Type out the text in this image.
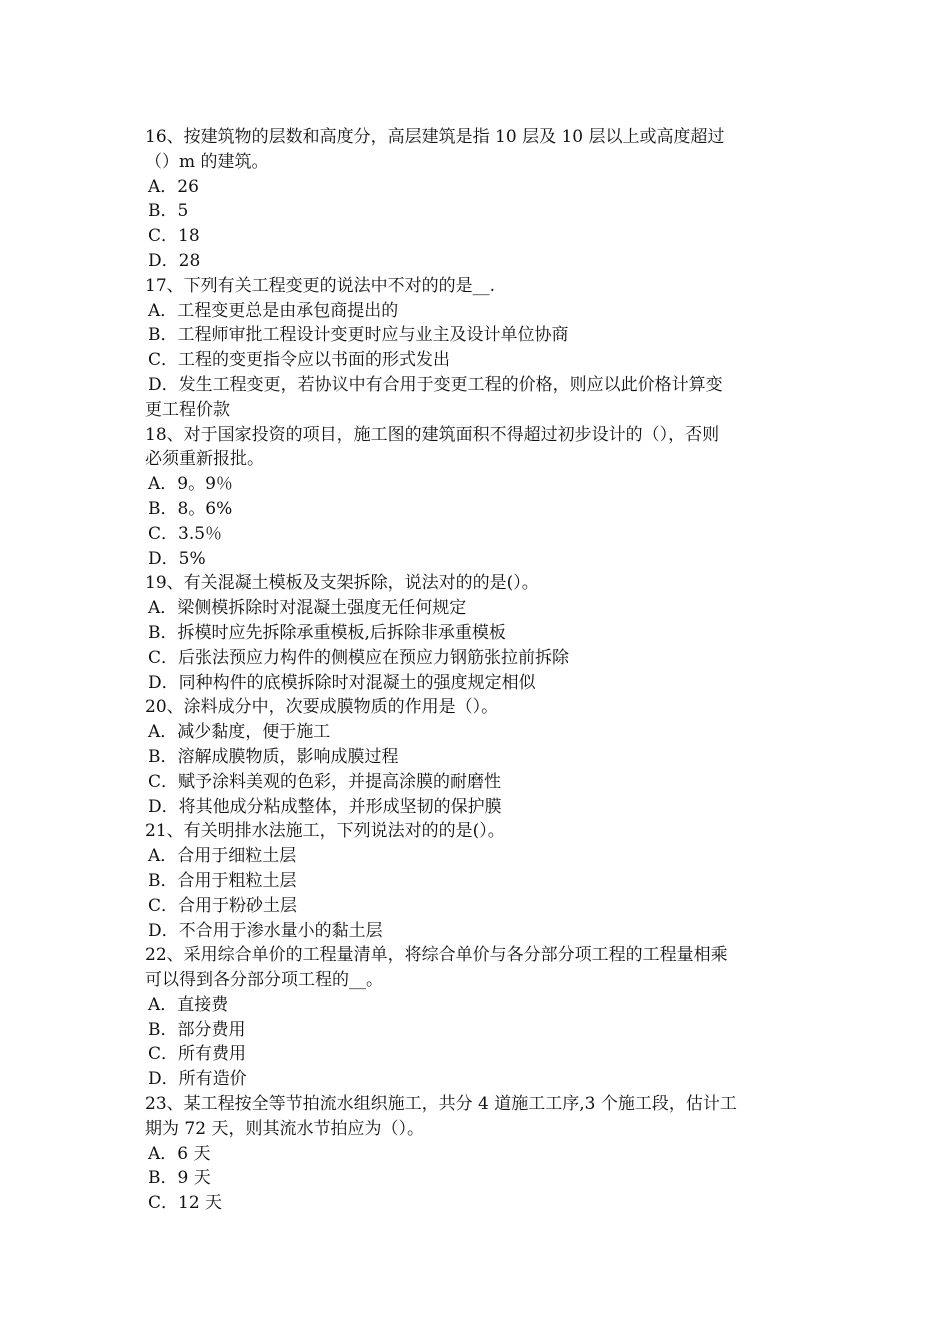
16、按建筑物的层数和高度分，高层建筑是指 10 层及 10 层以上或高度超过
（）m 的建筑。
A．26
B．5
C．18
D．28
17、下列有关工程变更的说法中不对的的是__.
A．工程变更总是由承包商提出的
B．工程师审批工程设计变更时应与业主及设计单位协商
C．工程的变更指令应以书面的形式发出
D．发生工程变更，若协议中有合用于变更工程的价格，则应以此价格计算变
更工程价款
18、对于国家投资的项目，施工图的建筑面积不得超过初步设计的（），否则
必须重新报批。
A．9。9％
B．8。6%
C．3.5％
D．5%
19、有关混凝土模板及支架拆除，说法对的的是(）。
A．梁侧模拆除时对混凝土强度无任何规定
B．拆模时应先拆除承重模板,后拆除非承重模板
C．后张法预应力构件的侧模应在预应力钢筋张拉前拆除
D．同种构件的底模拆除时对混凝土的强度规定相似
20、涂料成分中，次要成膜物质的作用是（）。
A．减少黏度，便于施工
B．溶解成膜物质，影响成膜过程
C．赋予涂料美观的色彩，并提高涂膜的耐磨性
D．将其他成分粘成整体，并形成坚韧的保护膜
21、有关明排水法施工，下列说法对的的是(）。
A．合用于细粒土层
B．合用于粗粒土层
C．合用于粉砂土层
D．不合用于渗水量小的黏土层
22、采用综合单价的工程量清单，将综合单价与各分部分项工程的工程量相乘
可以得到各分部分项工程的__。
A．直接费
B．部分费用
C．所有费用
D．所有造价
23、某工程按全等节拍流水组织施工，共分 4 道施工工序,3 个施工段，估计工
期为 72 天，则其流水节拍应为（）。
A．6 天
B．9 天
C．12 天
